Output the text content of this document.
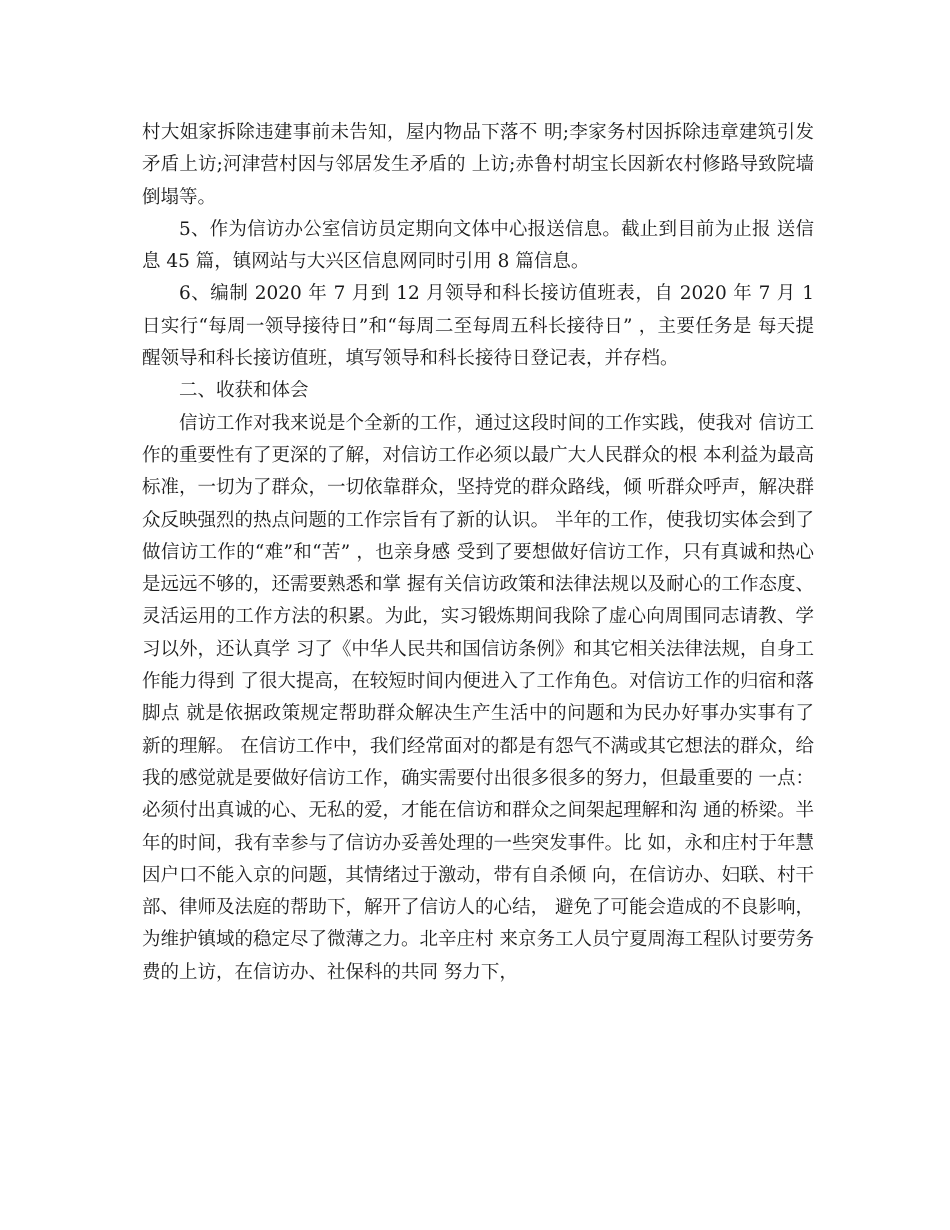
村大姐家拆除违建事前未告知，屋内物品下落不 明;李家务村因拆除违章建筑引发矛盾上访;河津营村因与邻居发生矛盾的 上访;赤鲁村胡宝长因新农村修路导致院墙倒塌等。

5、作为信访办公室信访员定期向文体中心报送信息。截止到目前为止报 送信息 45 篇，镇网站与大兴区信息网同时引用 8 篇信息。

6、编制 2020 年 7 月到 12 月领导和科长接访值班表，自 2020 年 7 月 1 日实行“每周一领导接待日”和“每周二至每周五科长接待日” ，主要任务是 每天提醒领导和科长接访值班，填写领导和科长接待日登记表，并存档。

二、收获和体会

信访工作对我来说是个全新的工作，通过这段时间的工作实践，使我对 信访工作的重要性有了更深的了解，对信访工作必须以最广大人民群众的根 本利益为最高标准，一切为了群众，一切依靠群众，坚持党的群众路线，倾 听群众呼声，解决群众反映强烈的热点问题的工作宗旨有了新的认识。 半年的工作，使我切实体会到了做信访工作的“难”和“苦” ，也亲身感 受到了要想做好信访工作，只有真诚和热心是远远不够的，还需要熟悉和掌 握有关信访政策和法律法规以及耐心的工作态度、灵活运用的工作方法的积累。为此，实习锻炼期间我除了虚心向周围同志请教、学习以外，还认真学 习了《中华人民共和国信访条例》和其它相关法律法规，自身工作能力得到 了很大提高，在较短时间内便进入了工作角色。对信访工作的归宿和落脚点 就是依据政策规定帮助群众解决生产生活中的问题和为民办好事办实事有了 新的理解。 在信访工作中，我们经常面对的都是有怨气不满或其它想法的群众，给 我的感觉就是要做好信访工作，确实需要付出很多很多的努力，但最重要的 一点：必须付出真诚的心、无私的爱，才能在信访和群众之间架起理解和沟 通的桥梁。半年的时间，我有幸参与了信访办妥善处理的一些突发事件。比 如，永和庄村于年慧因户口不能入京的问题，其情绪过于激动，带有自杀倾 向，在信访办、妇联、村干部、律师及法庭的帮助下，解开了信访人的心结， 避免了可能会造成的不良影响，为维护镇域的稳定尽了微薄之力。北辛庄村 来京务工人员宁夏周海工程队讨要劳务费的上访，在信访办、社保科的共同 努力下，
